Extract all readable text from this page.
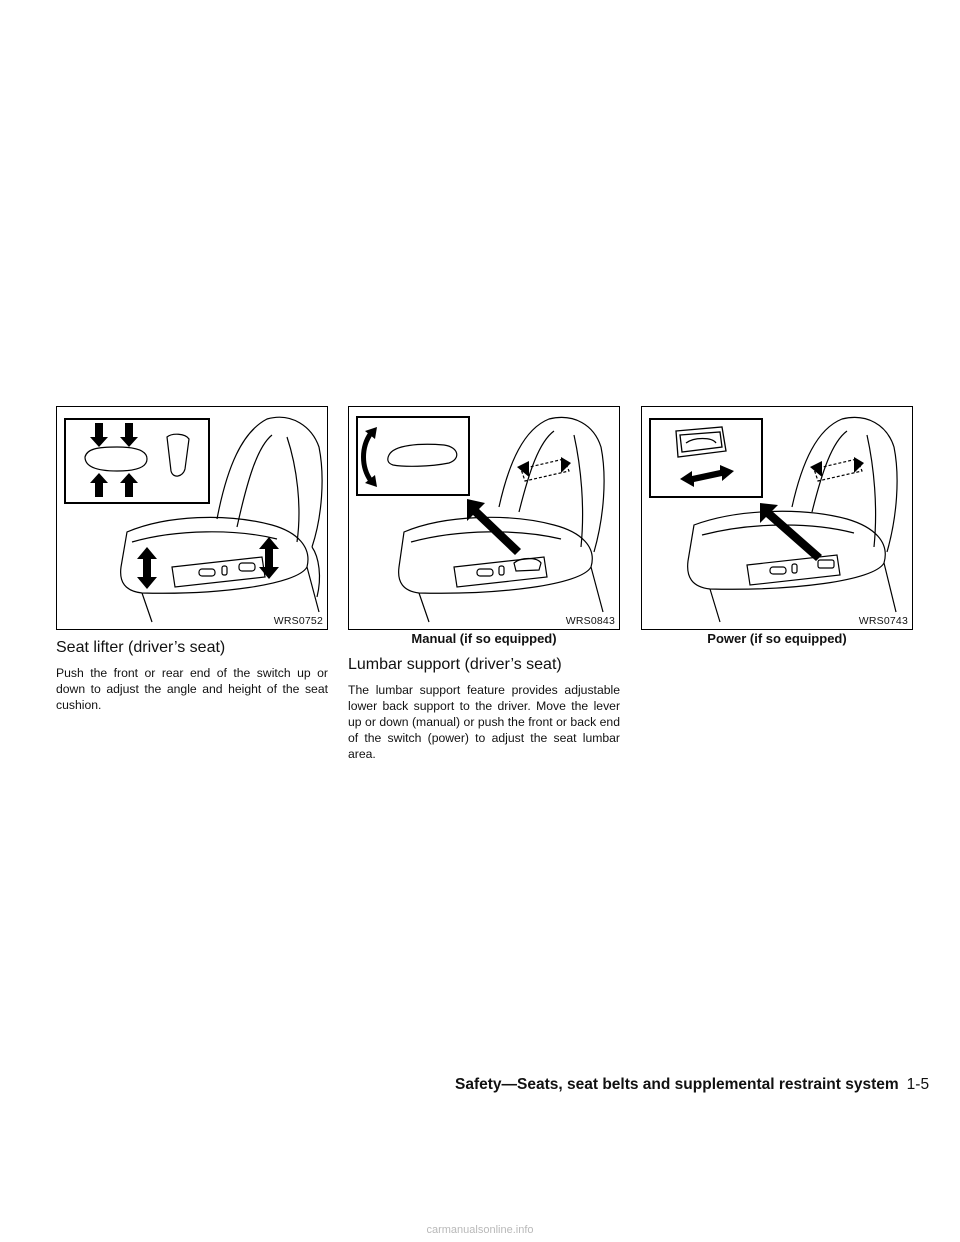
WRS0752
Seat lifter (driver’s seat)

Push the front or rear end of the switch up or down to adjust the angle and height of the seat cushion.

WRS0843
Manual (if so equipped)
Lumbar support (driver’s seat)

The lumbar support feature provides adjustable lower back support to the driver. Move the lever up or down (manual) or push the front or back end of the switch (power) to adjust the seat lumbar area.

WRS0743
Power (if so equipped)
Safety—Seats, seat belts and supplemental restraint system 1-5
carmanualsonline.info
